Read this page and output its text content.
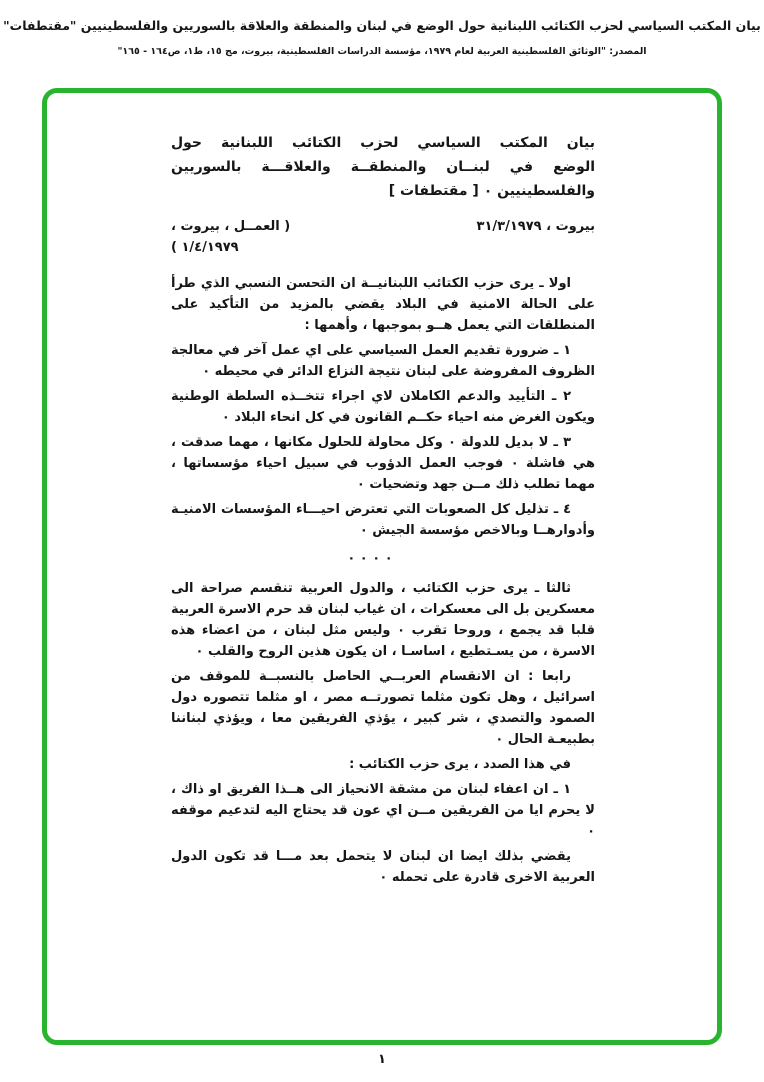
بيان المكتب السياسي لحزب الكتائب اللبنانية حول الوضع في لبنان والمنطقة والعلاقة بالسوريين والفلسطينيين "مقتطفات"
المصدر: "الوثائق الفلسطينية العربية لعام ١٩٧٩، مؤسسة الدراسات الفلسطينية، بيروت، مج ١٥، ط١، ص١٦٤ - ١٦٥"
بيان المكتب السياسي لحزب الكتائب اللبنانية حول
الوضع في لبنــان والمنطقــة والعلاقـــة بالسوريين
والفلسطينيين ٠ [ مقتطفات ]
بيروت ، ٣١/٣/١٩٧٩
( العمــل ، بيروت ،
١/٤/١٩٧٩ )
اولا ـ يرى حزب الكتائب اللبنانيــة ان التحسن النسبي الذي طرأ على الحالة الامنية في البلاد يقضي بالمزيد من التأكيد على المنطلقات التي يعمل هــو بموجبها ، وأهمها :
١ ـ ضرورة تقديم العمل السياسي على اي عمل آخر في معالجة الظروف المفروضة على لبنان نتيجة النزاع الدائر في محيطه ٠
٢ ـ التأييد والدعم الكاملان لاي اجراء تتخــذه السلطة الوطنية ويكون الغرض منه احياء حكــم القانون في كل انحاء البلاد ٠
٣ ـ لا بديل للدولة ٠ وكل محاولة للحلول مكانها ، مهما صدقت ، هي فاشلة ٠ فوجب العمل الدؤوب في سبيل احياء مؤسساتها ، مهما تطلب ذلك مــن جهد وتضحيات ٠
٤ ـ تذليل كل الصعوبات التي تعترض احيـــاء المؤسسات الامنيـة وأدوارهــا وبالاخص مؤسسة الجيش ٠
٠ ٠ ٠ ٠
ثالثا ـ يرى حزب الكتائب ، والدول العربية تنقسم صراحة الى معسكرين بل الى معسكرات ، ان غياب لبنان قد حرم الاسرة العربية قلبا قد يجمع ، وروحا تقرب ٠ وليس مثل لبنان ، من اعضاء هذه الاسرة ، من يسـتطيع ، اساسـا ، ان يكون هذين الروح والقلب ٠
رابعا : ان الانقسام العربــي الحاصل بالنسبــة للموقف من اسرائيل ، وهل تكون مثلما تصورتــه مصر ، او مثلما تتصوره دول الصمود والتصدي ، شر كبير ، يؤذي الفريقين معا ، ويؤذي لبناننا بطبيعـة الحال ٠
في هذا الصدد ، يرى حزب الكتائب :
١ ـ ان اعفاء لبنان من مشقة الانحياز الى هــذا الفريق او ذاك ، لا يحرم ايا من الفريقين مــن اي عون قد يحتاج اليه لتدعيم موقفه ٠
يقضي بذلك ايضا ان لبنان لا يتحمل بعد مـــا قد تكون الدول العربية الاخرى قادرة على تحمله ٠
١
